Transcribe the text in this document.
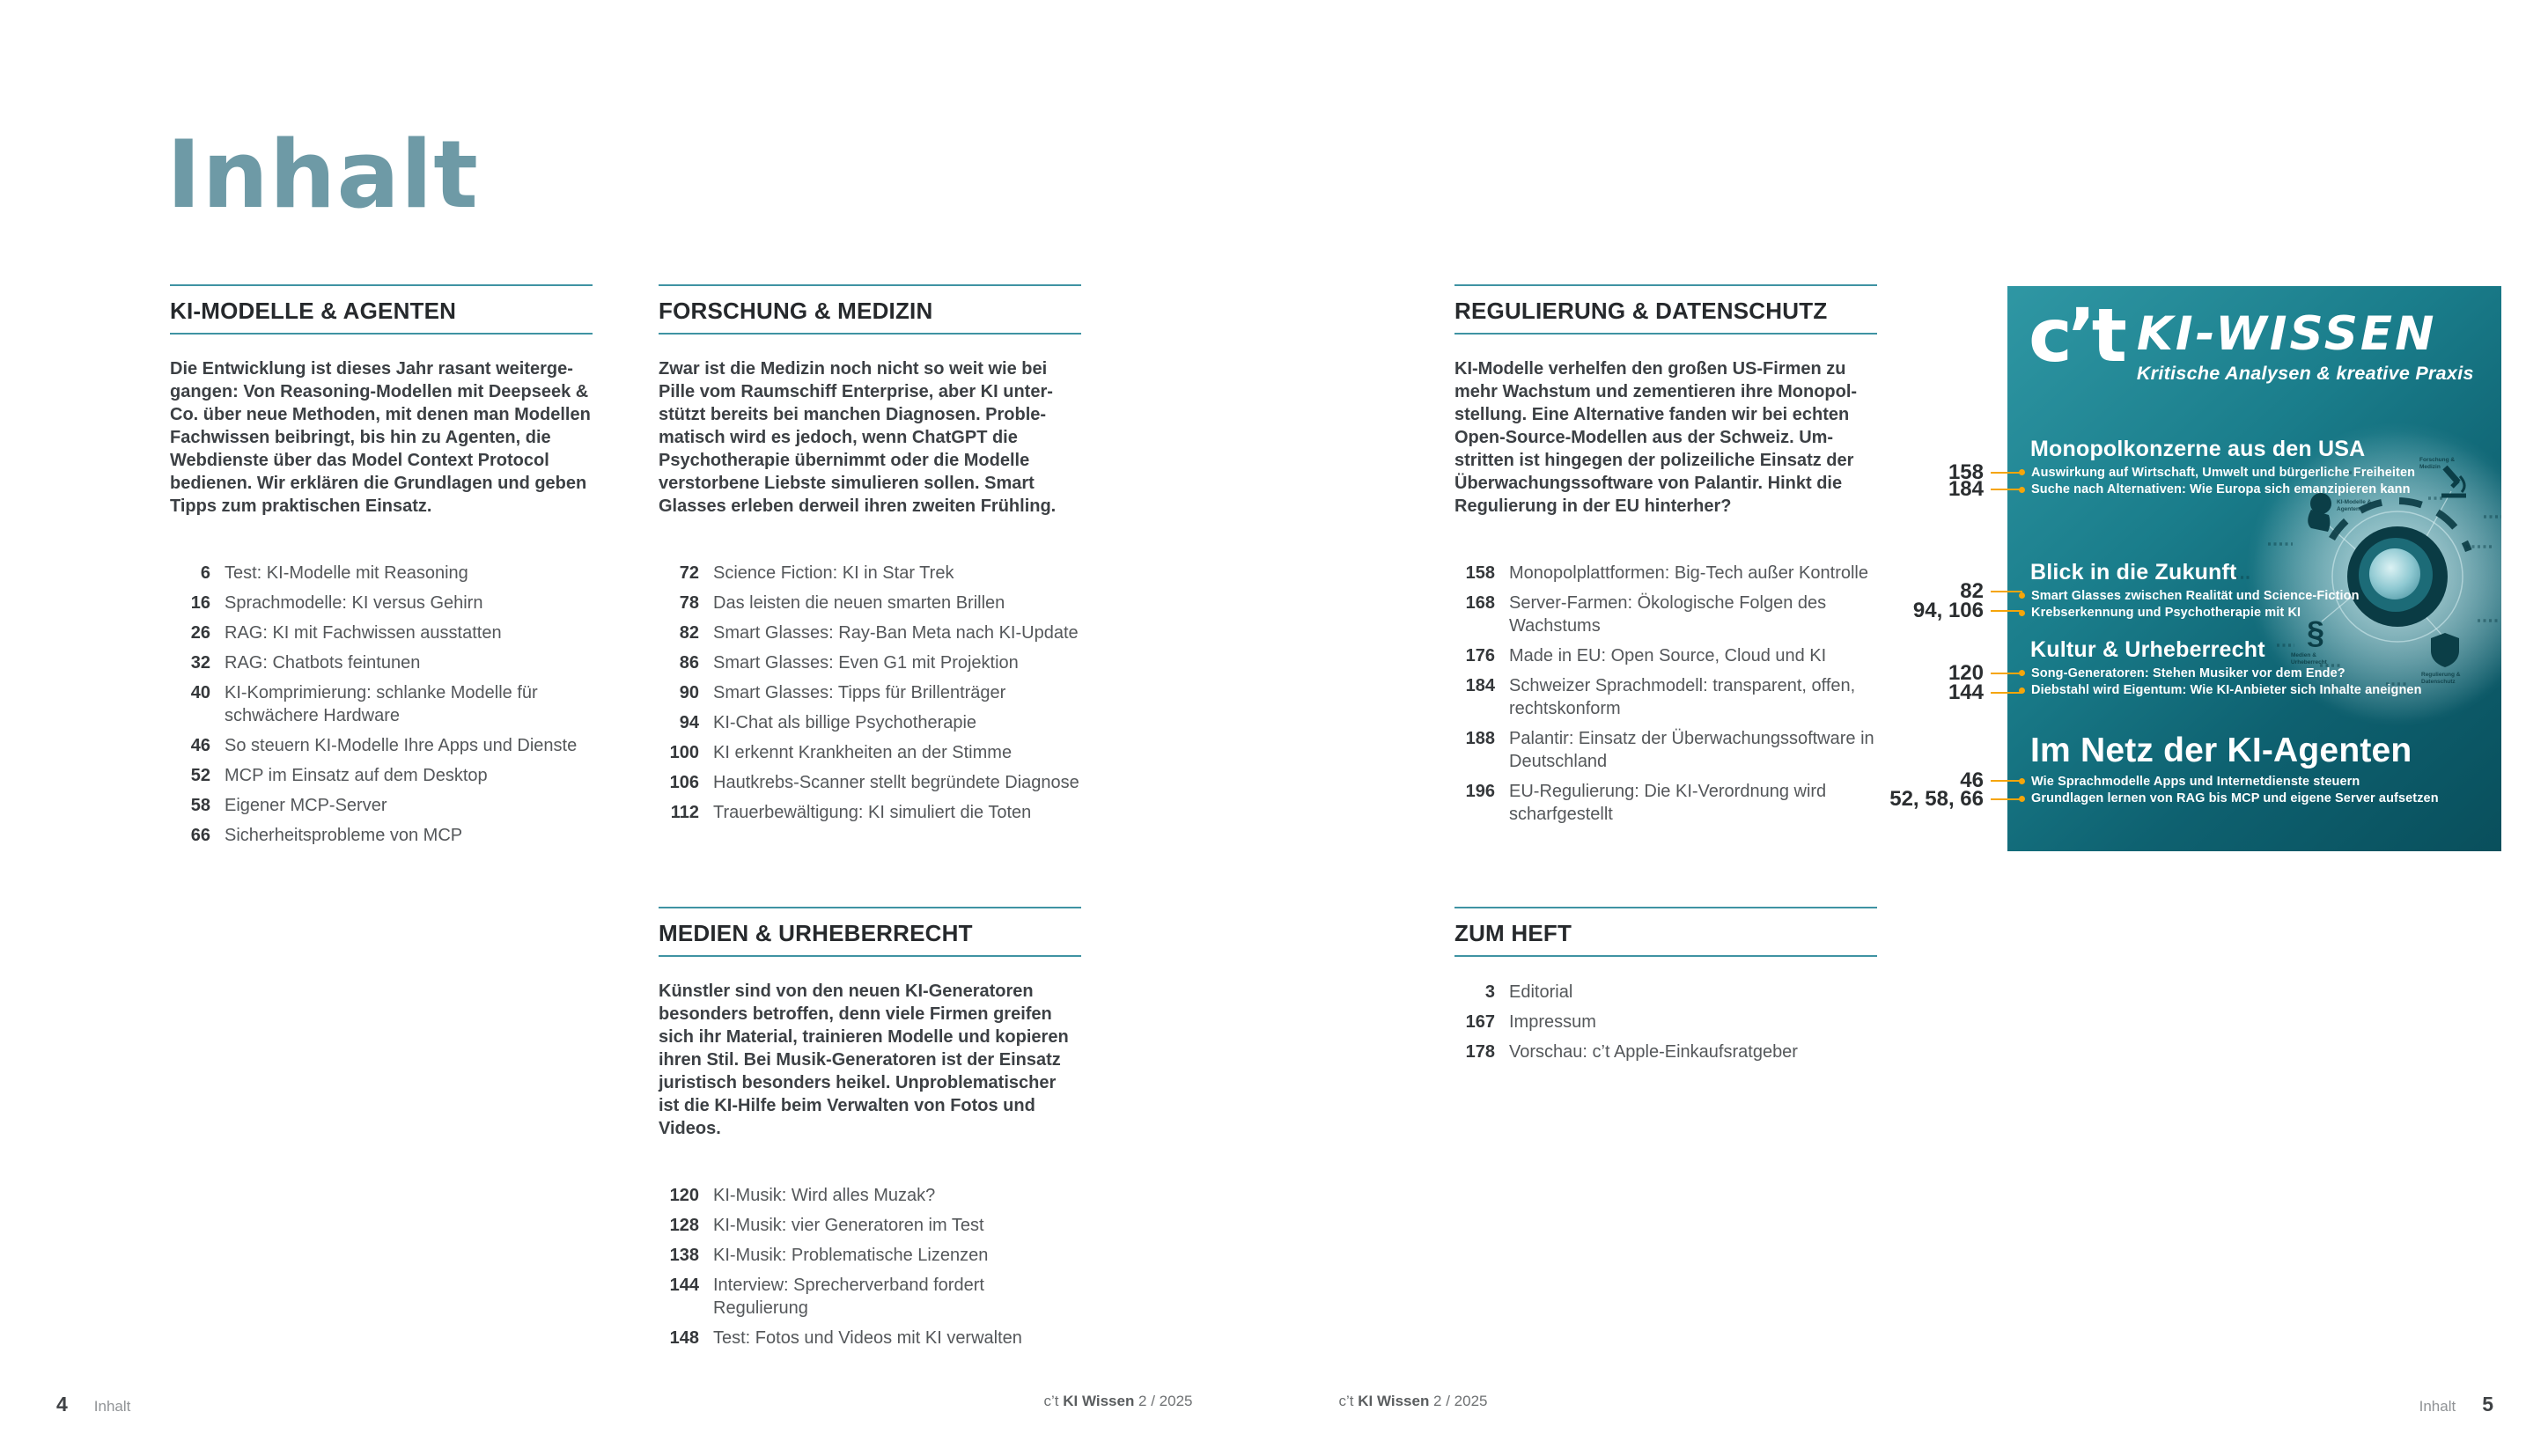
Inhalt
KI-MODELLE & AGENTEN

Die Entwicklung ist dieses Jahr rasant weitergegangen: Von Reasoning-Modellen mit Deepseek & Co. über neue Methoden, mit denen man Modellen Fachwissen beibringt, bis hin zu Agenten, die Webdienste über das Model Context Protocol bedienen. Wir erklären die Grundlagen und geben Tipps zum praktischen Einsatz.

6 Test: KI-Modelle mit Reasoning
16 Sprachmodelle: KI versus Gehirn
26 RAG: KI mit Fachwissen ausstatten
32 RAG: Chatbots feintunen
40 KI-Komprimierung: schlanke Modelle für schwächere Hardware
46 So steuern KI-Modelle Ihre Apps und Dienste
52 MCP im Einsatz auf dem Desktop
58 Eigener MCP-Server
66 Sicherheitsprobleme von MCP
FORSCHUNG & MEDIZIN

Zwar ist die Medizin noch nicht so weit wie bei Pille vom Raumschiff Enterprise, aber KI unterstützt bereits bei manchen Diagnosen. Problematisch wird es jedoch, wenn ChatGPT die Psychotherapie übernimmt oder die Modelle verstorbene Liebste simulieren sollen. Smart Glasses erleben derweil ihren zweiten Frühling.

72 Science Fiction: KI in Star Trek
78 Das leisten die neuen smarten Brillen
82 Smart Glasses: Ray-Ban Meta nach KI-Update
86 Smart Glasses: Even G1 mit Projektion
90 Smart Glasses: Tipps für Brillenträger
94 KI-Chat als billige Psychotherapie
100 KI erkennt Krankheiten an der Stimme
106 Hautkrebs-Scanner stellt begründete Diagnose
112 Trauerbewältigung: KI simuliert die Toten
MEDIEN & URHEBERRECHT

Künstler sind von den neuen KI-Generatoren besonders betroffen, denn viele Firmen greifen sich ihr Material, trainieren Modelle und kopieren ihren Stil. Bei Musik-Generatoren ist der Einsatz juristisch besonders heikel. Unproblematischer ist die KI-Hilfe beim Verwalten von Fotos und Videos.

120 KI-Musik: Wird alles Muzak?
128 KI-Musik: vier Generatoren im Test
138 KI-Musik: Problematische Lizenzen
144 Interview: Sprecherverband fordert Regulierung
148 Test: Fotos und Videos mit KI verwalten
REGULIERUNG & DATENSCHUTZ

KI-Modelle verhelfen den großen US-Firmen zu mehr Wachstum und zementieren ihre Monopolstellung. Eine Alternative fanden wir bei echten Open-Source-Modellen aus der Schweiz. Umstritten ist hingegen der polizeiliche Einsatz der Überwachungssoftware von Palantir. Hinkt die Regulierung in der EU hinterher?

158 Monopolplattformen: Big-Tech außer Kontrolle
168 Server-Farmen: Ökologische Folgen des Wachstums
176 Made in EU: Open Source, Cloud und KI
184 Schweizer Sprachmodell: transparent, offen, rechtskonform
188 Palantir: Einsatz der Überwachungssoftware in Deutschland
196 EU-Regulierung: Die KI-Verordnung wird scharfgestellt
ZUM HEFT
3 Editorial
167 Impressum
178 Vorschau: c’t Apple-Einkaufsratgeber
§
c’t KI-WISSEN
Kritische Analysen & kreative Praxis
Monopolkonzerne aus den USA
Auswirkung auf Wirtschaft, Umwelt und bürgerliche Freiheiten
Suche nach Alternativen: Wie Europa sich emanzipieren kann
Blick in die Zukunft
Smart Glasses zwischen Realität und Science-Fiction
Krebserkennung und Psychotherapie mit KI
Kultur & Urheberrecht
Song-Generatoren: Stehen Musiker vor dem Ende?
Diebstahl wird Eigentum: Wie KI-Anbieter sich Inhalte aneignen
Im Netz der KI-Agenten
Wie Sprachmodelle Apps und Internetdienste steuern
Grundlagen lernen von RAG bis MCP und eigene Server aufsetzen
KI-Modelle & Agenten
Forschung & Medizin
Medien & Urheberrecht
Regulierung & Datenschutz
158
184
82
94, 106
120
144
46
52, 58, 66
4 Inhalt	c’t KI Wissen 2 / 2025	c’t KI Wissen 2 / 2025	Inhalt 5
